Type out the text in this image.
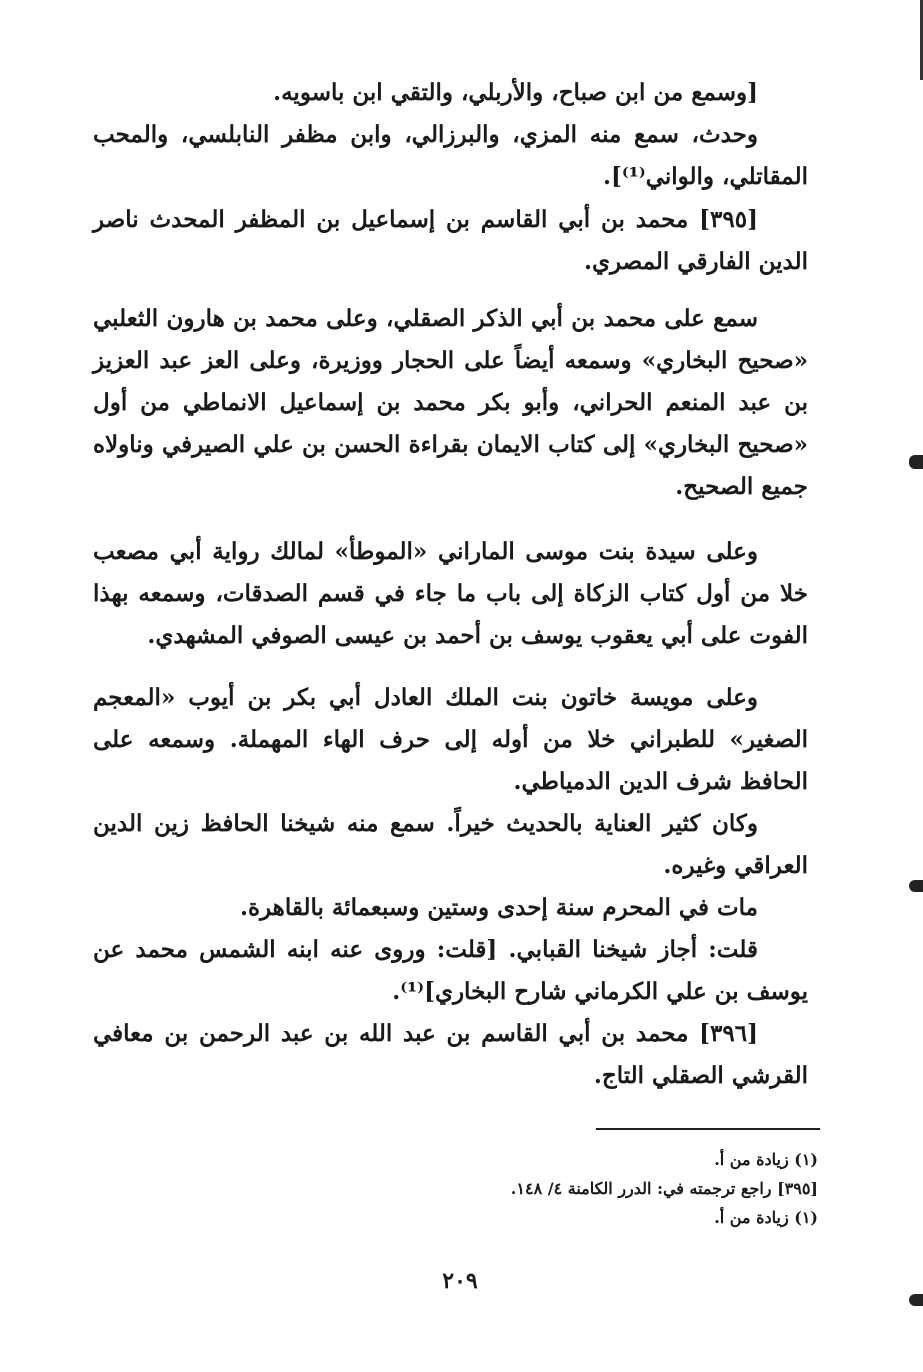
[وسمع من ابن صباح، والأربلي، والتقي ابن باسويه.

وحدث، سمع منه المزي، والبرزالي، وابن مظفر النابلسي، والمحب المقاتلي، والواني⁽¹⁾].

[٣٩٥] محمد بن أبي القاسم بن إسماعيل بن المظفر المحدث ناصر الدين الفارقي المصري.

سمع على محمد بن أبي الذكر الصقلي، وعلى محمد بن هارون الثعلبي «صحيح البخاري» وسمعه أيضاً على الحجار ووزيرة، وعلى العز عبد العزيز بن عبد المنعم الحراني، وأبو بكر محمد بن إسماعيل الانماطي من أول «صحيح البخاري» إلى كتاب الايمان بقراءة الحسن بن علي الصيرفي وناولاه جميع الصحيح.

وعلى سيدة بنت موسى الماراني «الموطأ» لمالك رواية أبي مصعب خلا من أول كتاب الزكاة إلى باب ما جاء في قسم الصدقات، وسمعه بهذا الفوت على أبي يعقوب يوسف بن أحمد بن عيسى الصوفي المشهدي.

وعلى مويسة خاتون بنت الملك العادل أبي بكر بن أيوب «المعجم الصغير» للطبراني خلا من أوله إلى حرف الهاء المهملة. وسمعه على الحافظ شرف الدين الدمياطي.

وكان كثير العناية بالحديث خيراً. سمع منه شيخنا الحافظ زين الدين العراقي وغيره.

مات في المحرم سنة إحدى وستين وسبعمائة بالقاهرة.

قلت: أجاز شيخنا القبابي. [قلت: وروى عنه ابنه الشمس محمد عن يوسف بن علي الكرماني شارح البخاري]⁽¹⁾.

[٣٩٦] محمد بن أبي القاسم بن عبد الله بن عبد الرحمن بن معافي القرشي الصقلي التاج.

(١) زيادة من أ.
[٣٩٥] راجع ترجمته في: الدرر الكامنة ٤/ ١٤٨.
(١) زيادة من أ.
٢٠٩
